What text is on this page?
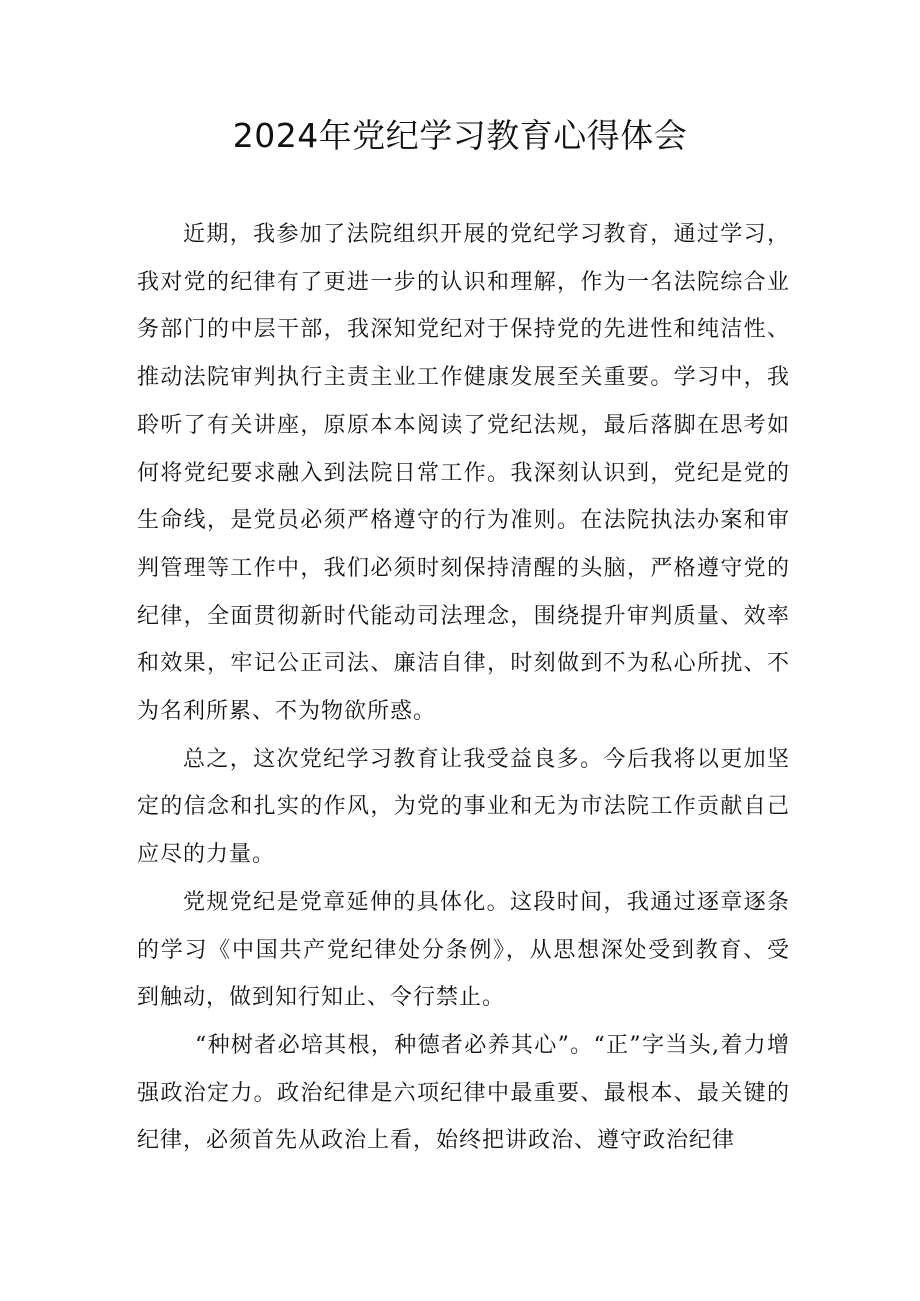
2024年党纪学习教育心得体会

近期，我参加了法院组织开展的党纪学习教育，通过学习，我对党的纪律有了更进一步的认识和理解，作为一名法院综合业务部门的中层干部，我深知党纪对于保持党的先进性和纯洁性、推动法院审判执行主责主业工作健康发展至关重要。学习中，我聆听了有关讲座，原原本本阅读了党纪法规，最后落脚在思考如何将党纪要求融入到法院日常工作。我深刻认识到，党纪是党的生命线，是党员必须严格遵守的行为准则。在法院执法办案和审判管理等工作中，我们必须时刻保持清醒的头脑，严格遵守党的纪律，全面贯彻新时代能动司法理念，围绕提升审判质量、效率和效果，牢记公正司法、廉洁自律，时刻做到不为私心所扰、不为名利所累、不为物欲所惑。

总之，这次党纪学习教育让我受益良多。今后我将以更加坚定的信念和扎实的作风，为党的事业和无为市法院工作贡献自己应尽的力量。

党规党纪是党章延伸的具体化。这段时间，我通过逐章逐条的学习《中国共产党纪律处分条例》，从思想深处受到教育、受到触动，做到知行知止、令行禁止。

“种树者必培其根，种德者必养其心”。“正”字当头,着力增强政治定力。政治纪律是六项纪律中最重要、最根本、最关键的纪律，必须首先从政治上看，始终把讲政治、遵守政治纪律
